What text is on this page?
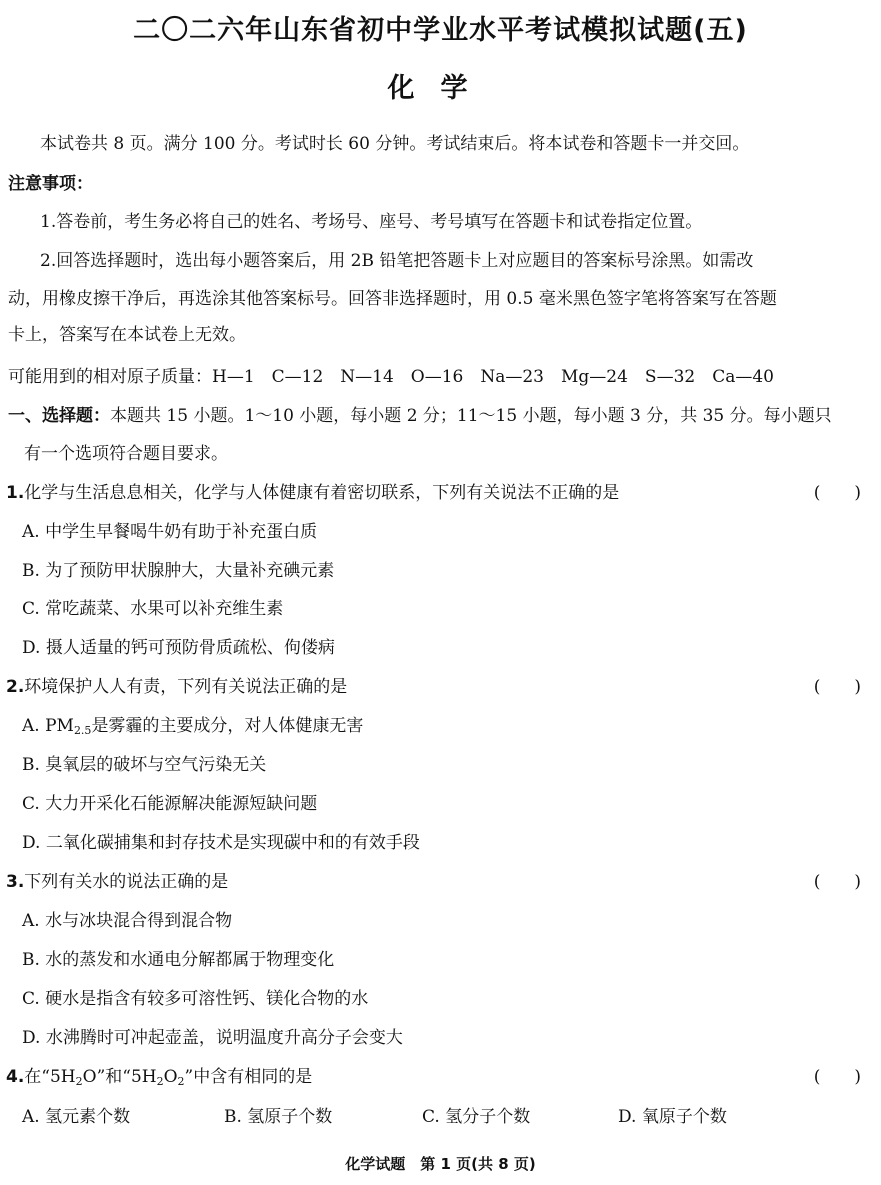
二〇二六年山东省初中学业水平考试模拟试题(五)
化学
本试卷共 8 页。满分 100 分。考试时长 60 分钟。考试结束后。将本试卷和答题卡一并交回。
注意事项：
1.答卷前，考生务必将自己的姓名、考场号、座号、考号填写在答题卡和试卷指定位置。
2.回答选择题时，选出每小题答案后，用 2B 铅笔把答题卡上对应题目的答案标号涂黑。如需改
动，用橡皮擦干净后，再选涂其他答案标号。回答非选择题时，用 0.5 毫米黑色签字笔将答案写在答题
卡上，答案写在本试卷上无效。
可能用到的相对原子质量：H—1　C—12　N—14　O—16　Na—23　Mg—24　S—32　Ca—40
一、选择题：本题共 15 小题。1～10 小题，每小题 2 分；11～15 小题，每小题 3 分，共 35 分。每小题只
有一个选项符合题目要求。
1.化学与生活息息相关，化学与人体健康有着密切联系，下列有关说法不正确的是	(　　)
A. 中学生早餐喝牛奶有助于补充蛋白质
B. 为了预防甲状腺肿大，大量补充碘元素
C. 常吃蔬菜、水果可以补充维生素
D. 摄人适量的钙可预防骨质疏松、佝偻病
2.环境保护人人有责，下列有关说法正确的是	(　　)
A. $PM_{2.5}$是雾霾的主要成分，对人体健康无害
B. 臭氧层的破坏与空气污染无关
C. 大力开采化石能源解决能源短缺问题
D. 二氧化碳捕集和封存技术是实现碳中和的有效手段
3.下列有关水的说法正确的是	(　　)
A. 水与冰块混合得到混合物
B. 水的蒸发和水通电分解都属于物理变化
C. 硬水是指含有较多可溶性钙、镁化合物的水
D. 水沸腾时可冲起壶盖，说明温度升高分子会变大
4.在“$5H_2O$”和“$5H_2O_2$”中含有相同的是	(　　)
A. 氢元素个数	B. 氢原子个数	C. 氢分子个数	D. 氧原子个数
化学试题　第 1 页(共 8 页)
